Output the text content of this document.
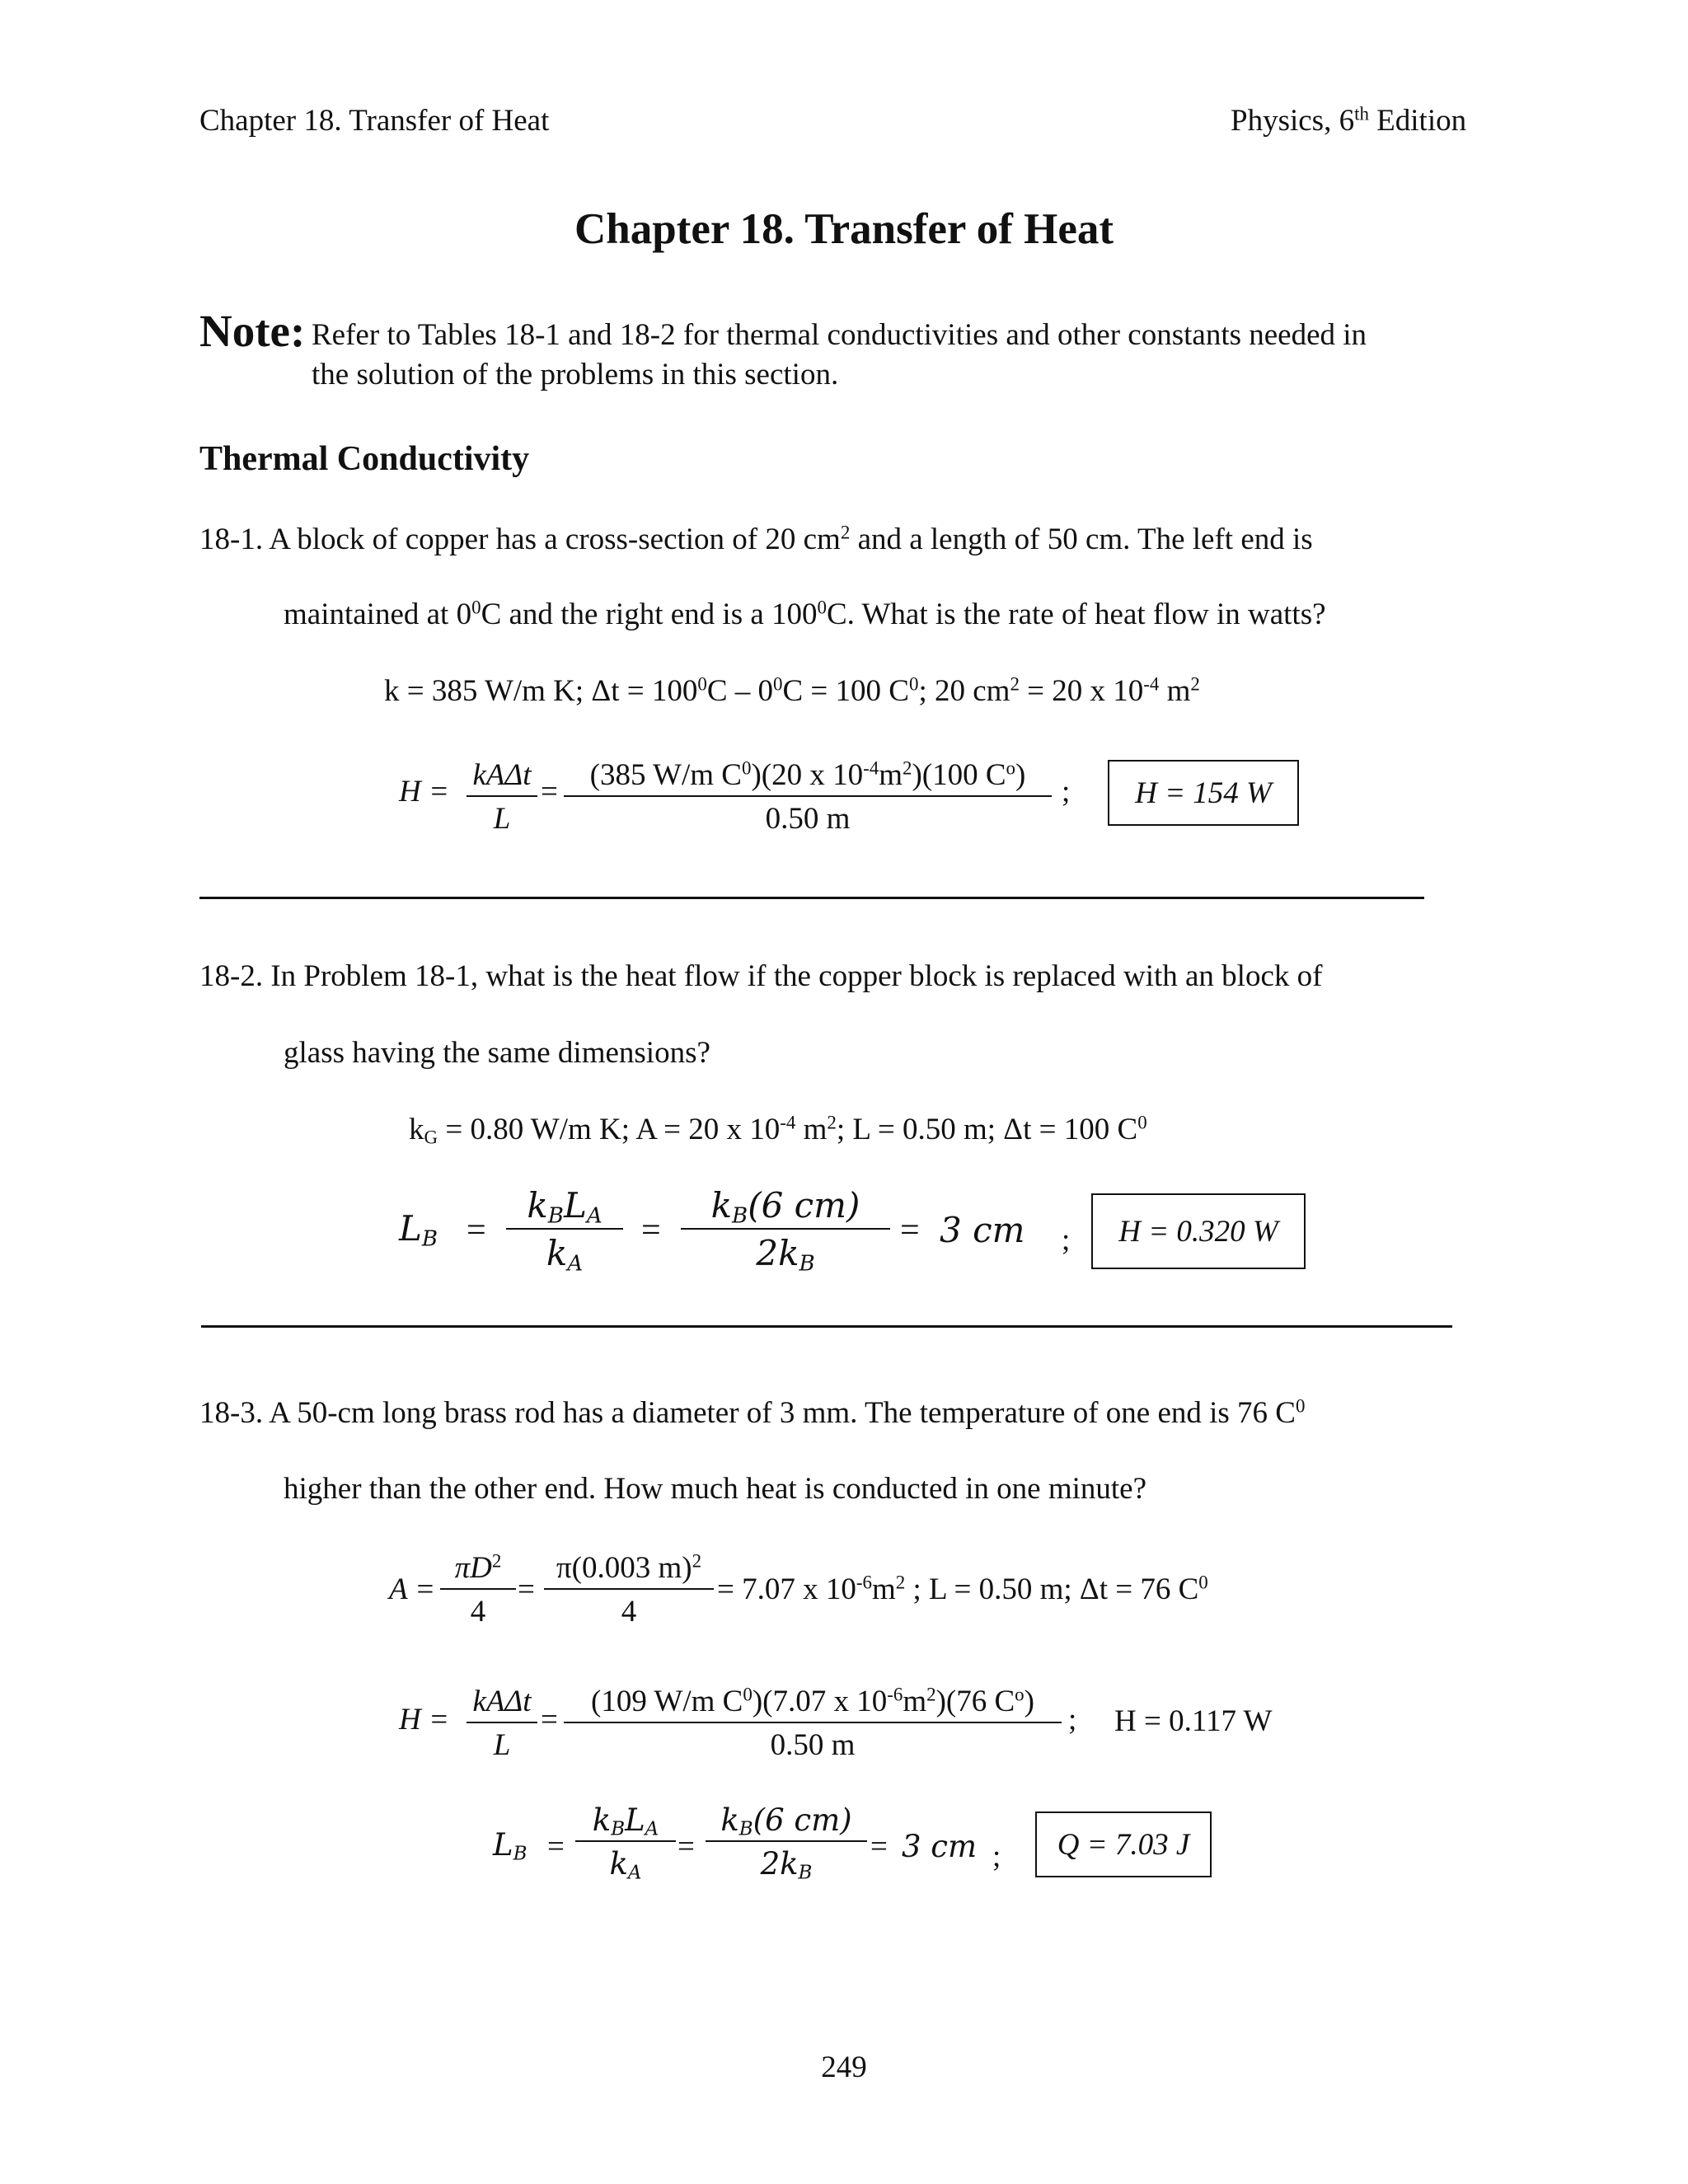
Chapter 18. Transfer of Heat	Physics, 6th Edition
Chapter 18. Transfer of Heat
Note: Refer to Tables 18-1 and 18-2 for thermal conductivities and other constants needed in
the solution of the problems in this section.
Thermal Conductivity
18-1. A block of copper has a cross-section of 20 $cm^2$ and a length of 50 cm. The left end is
maintained at $0^0C$ and the right end is a $100^0C$. What is the rate of heat flow in watts?
k = 385 W/m K; $\Delta t = 100^0C - 0^0C = 100$ $C^0$; 20 $cm^2 = 20$ x $10^{-4}$ $m^2$
H = kAΔt
L
=	(385 W/m $C^0)(20$ x $10^{-4}m^2)(100$ $C^o$)
0.50 m
; H = 154 W
18-2. In Problem 18-1, what is the heat flow if the copper block is replaced with an block of
glass having the same dimensions?
$k_G = 0.80$ W/m K; A = 20 x $10^{-4}$ $m^2$; L = 0.50 m; Δt = 100 $C^0$
$L_B$ =
$k_BL_A$
$k_A$
=
$k_B(6$ cm)
$2k_B$
= 3 cm ; H = 0.320 W
18-3. A 50-cm long brass rod has a diameter of 3 mm. The temperature of one end is 76 $C^0$
higher than the other end. How much heat is conducted in one minute?
A =
$\pi D^2$
4
=
π(0.003 m)$^2$
4
= 7.07 x $10^{-6}m^2$ ; L = 0.50 m; Δt = 76 $C^0$
H =
kAΔt
L
=
(109 W/m $C^0)(7.07$ x $10^{-6}m^2)(76$ $C^o$)
0.50 m
; H = 0.117 W
$L_B$ =
$k_BL_A$
$k_A$
=
$k_B(6$ cm)
$2k_B$
= 3 cm ; Q = 7.03 J
249
